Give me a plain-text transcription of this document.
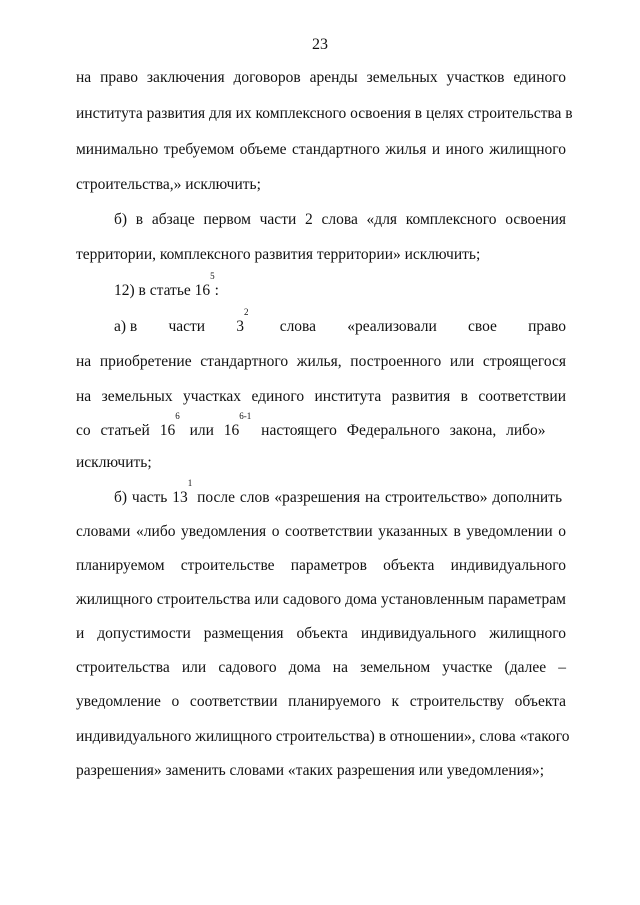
23
на право заключения договоров аренды земельных участков единого
института развития для их комплексного освоения в целях строительства в
минимально требуемом объеме стандартного жилья и иного жилищного
строительства,» исключить;
б) в абзаце первом части 2 слова «для комплексного освоения
территории, комплексного развития территории» исключить;
12) в статье $16^5$:
а) в части $3^2$
слова «реализовали свое право
на приобретение стандартного жилья, построенного или строящегося
на земельных участках единого института развития в соответствии
со статьей $16^6$ или 16$^{6-1}$ настоящего Федерального закона, либо»
исключить;
б) часть $13^1$ после слов «разрешения на строительство» дополнить
словами «либо уведомления о соответствии указанных в уведомлении о
планируемом строительстве параметров объекта индивидуального
жилищного строительства или садового дома установленным параметрам
и допустимости размещения объекта индивидуального жилищного
строительства или садового дома на земельном участке (далее –
уведомление о соответствии планируемого к строительству объекта
индивидуального жилищного строительства) в отношении», слова «такого
разрешения» заменить словами «таких разрешения или уведомления»;
